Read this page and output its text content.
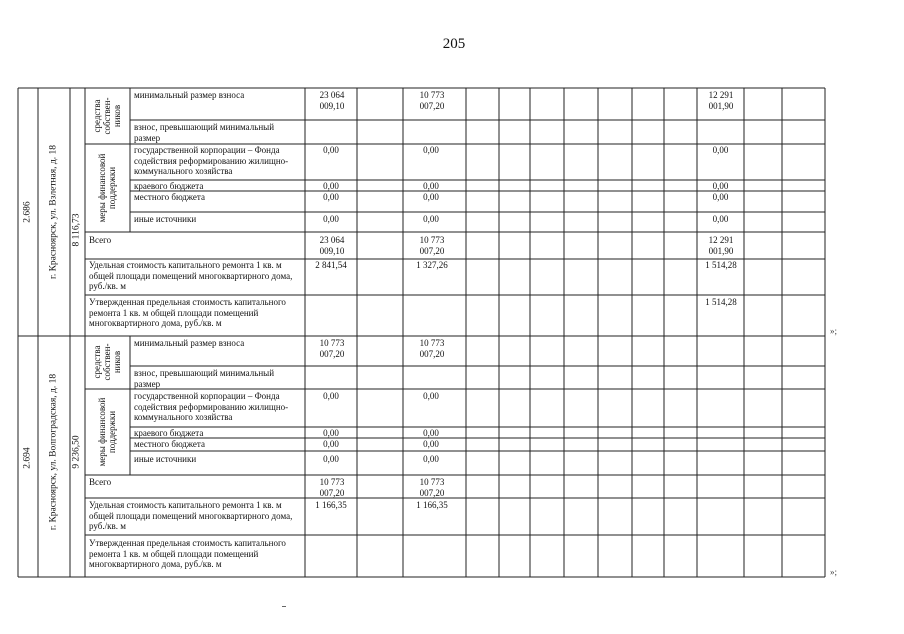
205
2.686 г. Красноярск, ул. Взлетная, д. 18 8 116,73
средства собствен-ников
меры финансовой поддержки
минимальный размер взноса
взнос, превышающий минимальный размер
государственной корпорации – Фонда содействия реформированию жилищно-коммунального хозяйства
краевого бюджета
местного бюджета
иные источники
Всего
Удельная стоимость капитального ремонта 1 кв. м общей площади помещений многоквартирного дома, руб./кв. м
Утвержденная предельная стоимость капитального ремонта 1 кв. м общей площади помещений многоквартирного дома, руб./кв. м
23 064 009,10
0,00
0,00
0,00
0,00
23 064 009,10
2 841,54
10 773 007,20
0,00
0,00
0,00
0,00
10 773 007,20
1 327,26
12 291 001,90
0,00
0,00
0,00
0,00
12 291 001,90
1 514,28
1 514,28
2.694 г. Красноярск, ул. Волгоградская, д. 18 9 236,50
средства собствен-ников
меры финансовой поддержки
минимальный размер взноса
взнос, превышающий минимальный размер
государственной корпорации – Фонда содействия реформированию жилищно-коммунального хозяйства
краевого бюджета
местного бюджета
иные источники
Всего
Удельная стоимость капитального ремонта 1 кв. м общей площади помещений многоквартирного дома, руб./кв. м
Утвержденная предельная стоимость капитального ремонта 1 кв. м общей площади помещений многоквартирного дома, руб./кв. м
10 773 007,20
0,00
0,00
0,00
0,00
10 773 007,20
1 166,35
10 773 007,20
0,00
0,00
0,00
0,00
10 773 007,20
1 166,35
»;
»;
